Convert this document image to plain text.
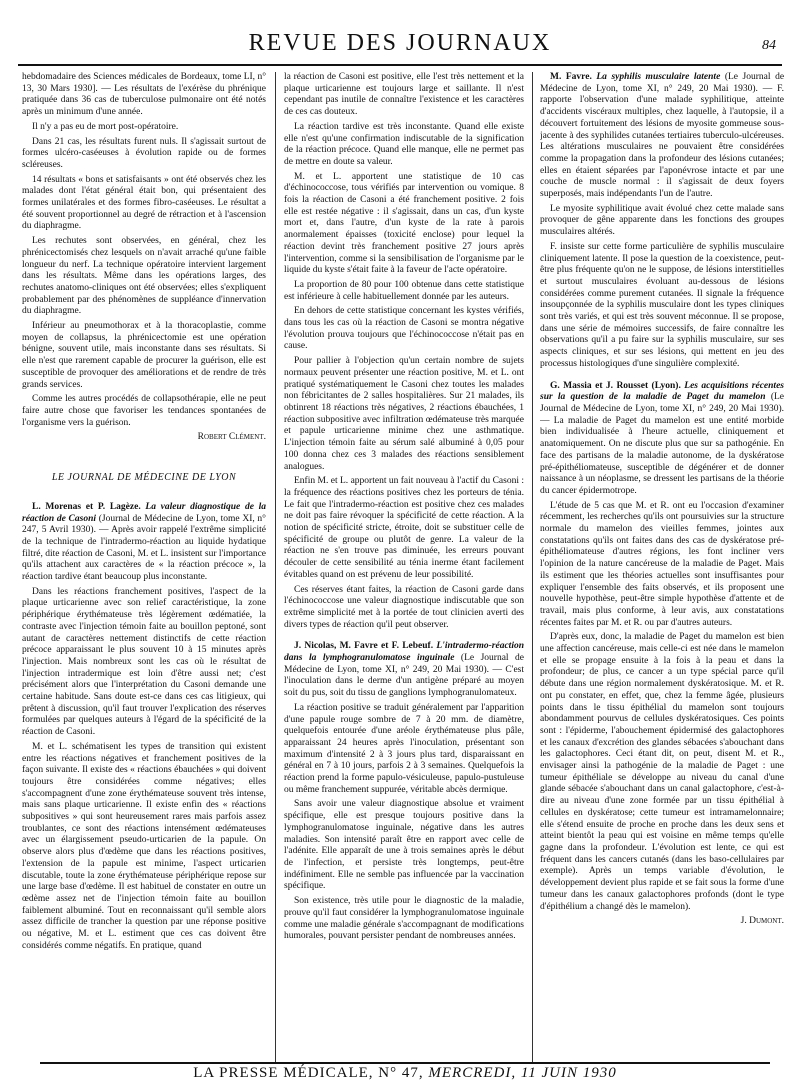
REVUE DES JOURNAUX	84

hebdomadaire des Sciences médicales de Bordeaux, tome LI, n° 13, 30 Mars 1930]. — Les résultats de l'exérèse du phrénique pratiquée dans 36 cas de tuberculose pulmonaire ont été notés après un minimum d'une année.

Il n'y a pas eu de mort post-opératoire.

Dans 21 cas, les résultats furent nuls. Il s'agissait surtout de formes ulcéro-caséeuses à évolution rapide ou de formes scléreuses.

14 résultats « bons et satisfaisants » ont été observés chez les malades dont l'état général était bon, qui présentaient des formes unilatérales et des formes fibro-caséeuses. Le résultat a été souvent proportionnel au degré de rétraction et à l'ascension du diaphragme.

Les rechutes sont observées, en général, chez les phrénicectomisés chez lesquels on n'avait arraché qu'une faible longueur du nerf. La technique opératoire intervient largement dans les résultats. Même dans les opérations larges, des rechutes anatomo-cliniques ont été observées; elles s'expliquent probablement par des phénomènes de suppléance d'innervation du diaphragme.

Inférieur au pneumothorax et à la thoracoplastie, comme moyen de collapsus, la phrénicectomie est une opération bénigne, souvent utile, mais inconstante dans ses résultats. Si elle n'est que rarement capable de procurer la guérison, elle est susceptible de provoquer des améliorations et de rendre de très grands services.

Comme les autres procédés de collapsothérapie, elle ne peut faire autre chose que favoriser les tendances spontanées de l'organisme vers la guérison.

Robert Clément.
LE JOURNAL DE MÉDECINE DE LYON

L. Morenas et P. Lagèze. La valeur diagnostique de la réaction de Casoni (Journal de Médecine de Lyon, tome XI, n° 247, 5 Avril 1930). — Après avoir rappelé l'extrême simplicité de la technique de l'intradermo-réaction au liquide hydatique filtré, dite réaction de Casoni, M. et L. insistent sur l'importance qu'ils attachent aux caractères de « la réaction précoce », la réaction tardive étant beaucoup plus inconstante.

Dans les réactions franchement positives, l'aspect de la plaque urticarienne avec son relief caractéristique, la zone périphérique érythémateuse très légèrement œdématiée, la contraste avec l'injection témoin faite au bouillon peptoné, sont autant de caractères nettement distinctifs de cette réaction précoce apparaissant le plus souvent 10 à 15 minutes après l'injection. Mais nombreux sont les cas où le résultat de l'injection intradermique est loin d'être aussi net; c'est précisément alors que l'interprétation du Casoni demande une certaine habitude. Sans doute est-ce dans ces cas litigieux, qui prêtent à discussion, qu'il faut trouver l'explication des réserves formulées par quelques auteurs à l'égard de la spécificité de la réaction de Casoni.

M. et L. schématisent les types de transition qui existent entre les réactions négatives et franchement positives de la façon suivante. Il existe des « réactions ébauchées » qui doivent toujours être considérées comme négatives; elles s'accompagnent d'une zone érythémateuse souvent très intense, mais sans plaque urticarienne. Il existe enfin des « réactions subpositives » qui sont heureusement rares mais parfois assez troublantes, ce sont des réactions intensément œdémateuses avec un élargissement pseudo-urticarien de la papule. On observe alors plus d'œdème que dans les réactions positives, l'extension de la papule est minime, l'aspect urticarien discutable, toute la zone érythémateuse périphérique repose sur une large base d'œdème. Il est habituel de constater en outre un œdème assez net de l'injection témoin faite au bouillon faiblement albuminé. Tout en reconnaissant qu'il semble alors assez difficile de trancher la question par une réponse positive ou négative, M. et L. estiment que ces cas doivent être considérés comme négatifs. En pratique, quand

la réaction de Casoni est positive, elle l'est très nettement et la plaque urticarienne est toujours large et saillante. Il n'est cependant pas inutile de connaître l'existence et les caractères de ces cas douteux.

La réaction tardive est très inconstante. Quand elle existe elle n'est qu'une confirmation indiscutable de la signification de la réaction précoce. Quand elle manque, elle ne permet pas de mettre en doute sa valeur.

M. et L. apportent une statistique de 10 cas d'échinococcose, tous vérifiés par intervention ou vomique. 8 fois la réaction de Casoni a été franchement positive. 2 fois elle est restée négative : il s'agissait, dans un cas, d'un kyste mort et, dans l'autre, d'un kyste de la rate à parois anormalement épaisses (toxicité enclose) pour lequel la réaction devint très franchement positive 27 jours après l'intervention, comme si la sensibilisation de l'organisme par le liquide du kyste s'était faite à la faveur de l'acte opératoire.

La proportion de 80 pour 100 obtenue dans cette statistique est inférieure à celle habituellement donnée par les auteurs.

En dehors de cette statistique concernant les kystes vérifiés, dans tous les cas où la réaction de Casoni se montra négative l'évolution prouva toujours que l'échinococcose n'était pas en cause.

Pour pallier à l'objection qu'un certain nombre de sujets normaux peuvent présenter une réaction positive, M. et L. ont pratiqué systématiquement le Casoni chez toutes les malades non fébricitantes de 2 salles hospitalières. Sur 21 malades, ils obtinrent 18 réactions très négatives, 2 réactions ébauchées, 1 réaction subpositive avec infiltration œdémateuse très marquée et papule urticarienne minime chez une asthmatique. L'injection témoin faite au sérum salé albuminé à 0,05 pour 100 donna chez ces 3 malades des réactions sensiblement analogues.

Enfin M. et L. apportent un fait nouveau à l'actif du Casoni : la fréquence des réactions positives chez les porteurs de ténia. Le fait que l'intradermo-réaction est positive chez ces malades ne doit pas faire révoquer la spécificité de cette réaction. A la notion de spécificité stricte, étroite, doit se substituer celle de spécificité de groupe ou plutôt de genre. La valeur de la réaction ne s'en trouve pas diminuée, les erreurs pouvant découler de cette sensibilité au ténia inerme étant facilement évitables quand on est prévenu de leur possibilité.

Ces réserves étant faites, la réaction de Casoni garde dans l'échinococcose une valeur diagnostique indiscutable que son extrême simplicité met à la portée de tout clinicien averti des divers types de réaction qu'il peut observer.

J. Nicolas, M. Favre et F. Lebeuf. L'intradermo-réaction dans la lymphogranulomatose inguinale (Le Journal de Médecine de Lyon, tome XI, n° 249, 20 Mai 1930). — C'est l'inoculation dans le derme d'un antigène préparé au moyen soit du pus, soit du tissu de ganglions lymphogranulomateux.

La réaction positive se traduit généralement par l'apparition d'une papule rouge sombre de 7 à 20 mm. de diamètre, quelquefois entourée d'une aréole érythémateuse plus pâle, apparaissant 24 heures après l'inoculation, présentant son maximum d'intensité 2 à 3 jours plus tard, disparaissant en général en 7 à 10 jours, parfois 2 à 3 semaines. Quelquefois la réaction prend la forme papulo-vésiculeuse, papulo-pustuleuse ou même franchement suppurée, véritable abcès dermique.

Sans avoir une valeur diagnostique absolue et vraiment spécifique, elle est presque toujours positive dans la lymphogranulomatose inguinale, négative dans les autres maladies. Son intensité paraît être en rapport avec celle de l'adénite. Elle apparaît de une à trois semaines après le début de l'infection, et persiste très longtemps, peut-être indéfiniment. Elle ne semble pas influencée par la vaccination spécifique.

Son existence, très utile pour le diagnostic de la maladie, prouve qu'il faut considérer la lymphogranulomatose inguinale comme une maladie générale s'accompagnant de modifications humorales, pouvant persister pendant de nombreuses années.

M. Favre. La syphilis musculaire latente (Le Journal de Médecine de Lyon, tome XI, n° 249, 20 Mai 1930). — F. rapporte l'observation d'une malade syphilitique, atteinte d'accidents viscéraux multiples, chez laquelle, à l'autopsie, il a découvert fortuitement des lésions de myosite gommeuse sous-jacente à des syphilides cutanées tertiaires tuberculo-ulcéreuses. Les altérations musculaires ne pouvaient être considérées comme la propagation dans la profondeur des lésions cutanées; elles en étaient séparées par l'aponévrose intacte et par une couche de muscle normal : il s'agissait de deux foyers superposés, mais indépendants l'un de l'autre.

Le myosite syphilitique avait évolué chez cette malade sans provoquer de gêne apparente dans les fonctions des groupes musculaires altérés.

F. insiste sur cette forme particulière de syphilis musculaire cliniquement latente. Il pose la question de la coexistence, peut-être plus fréquente qu'on ne le suppose, de lésions interstitielles et surtout musculaires évoluant au-dessous de lésions considérées comme purement cutanées. Il signale la fréquence insoupçonnée de la syphilis musculaire dont les types cliniques sont très variés, et qui est très souvent méconnue. Il se propose, dans une série de mémoires successifs, de faire connaître les observations qu'il a pu faire sur la syphilis musculaire, sur ses aspects cliniques, et sur ses lésions, qui mettent en jeu des processus histologiques d'une singulière complexité.

G. Massia et J. Rousset (Lyon). Les acquisitions récentes sur la question de la maladie de Paget du mamelon (Le Journal de Médecine de Lyon, tome XI, n° 249, 20 Mai 1930). — La maladie de Paget du mamelon est une entité morbide bien individualisée à l'heure actuelle, cliniquement et anatomiquement. On ne discute plus que sur sa pathogénie. En face des partisans de la maladie autonome, de la dyskératose pré-épithéliomateuse, susceptible de dégénérer et de donner naissance à un néoplasme, se dressent les partisans de la théorie du cancer épidermotrope.

L'étude de 5 cas que M. et R. ont eu l'occasion d'examiner récemment, les recherches qu'ils ont poursuivies sur la structure normale du mamelon des vieilles femmes, jointes aux constatations qu'ils ont faites dans des cas de dyskératose pré-épithéliomateuse d'autres régions, les font incliner vers l'opinion de la nature cancéreuse de la maladie de Paget. Mais ils estiment que les théories actuelles sont insuffisantes pour expliquer l'ensemble des faits observés, et ils proposent une nouvelle hypothèse, peut-être simple hypothèse d'attente et de travail, mais plus conforme, à leur avis, aux constatations récentes faites par M. et R. ou par d'autres auteurs.

D'après eux, donc, la maladie de Paget du mamelon est bien une affection cancéreuse, mais celle-ci est née dans le mamelon et elle se propage ensuite à la fois à la peau et dans la profondeur; de plus, ce cancer a un type spécial parce qu'il débute dans une région normalement dyskératosique. M. et R. ont pu constater, en effet, que, chez la femme âgée, plusieurs points dans le tissu épithélial du mamelon sont toujours abondamment pourvus de cellules dyskératosiques. Ces points sont : l'épiderme, l'abouchement épidermisé des galactophores et les canaux d'excrétion des glandes sébacées s'abouchant dans les galactophores. Ceci étant dit, on peut, disent M. et R., envisager ainsi la pathogénie de la maladie de Paget : une tumeur épithéliale se développe au niveau du canal d'une glande sébacée s'abouchant dans un canal galactophore, c'est-à-dire au niveau d'une zone formée par un tissu épithélial à cellules en dyskératose; cette tumeur est intramamelonnaire; elle s'étend ensuite de proche en proche dans les deux sens et atteint bientôt la peau qui est voisine en même temps qu'elle gagne dans la profondeur. L'évolution est lente, ce qui est fréquent dans les cancers cutanés (dans les baso-cellulaires par exemple). Après un temps variable d'évolution, le développement devient plus rapide et se fait sous la forme d'une tumeur dans les canaux galactophores profonds (dont le type d'épithélium a changé dès le mamelon).

J. Dumont.
LA PRESSE MÉDICALE, N° 47, MERCREDI, 11 JUIN 1930
